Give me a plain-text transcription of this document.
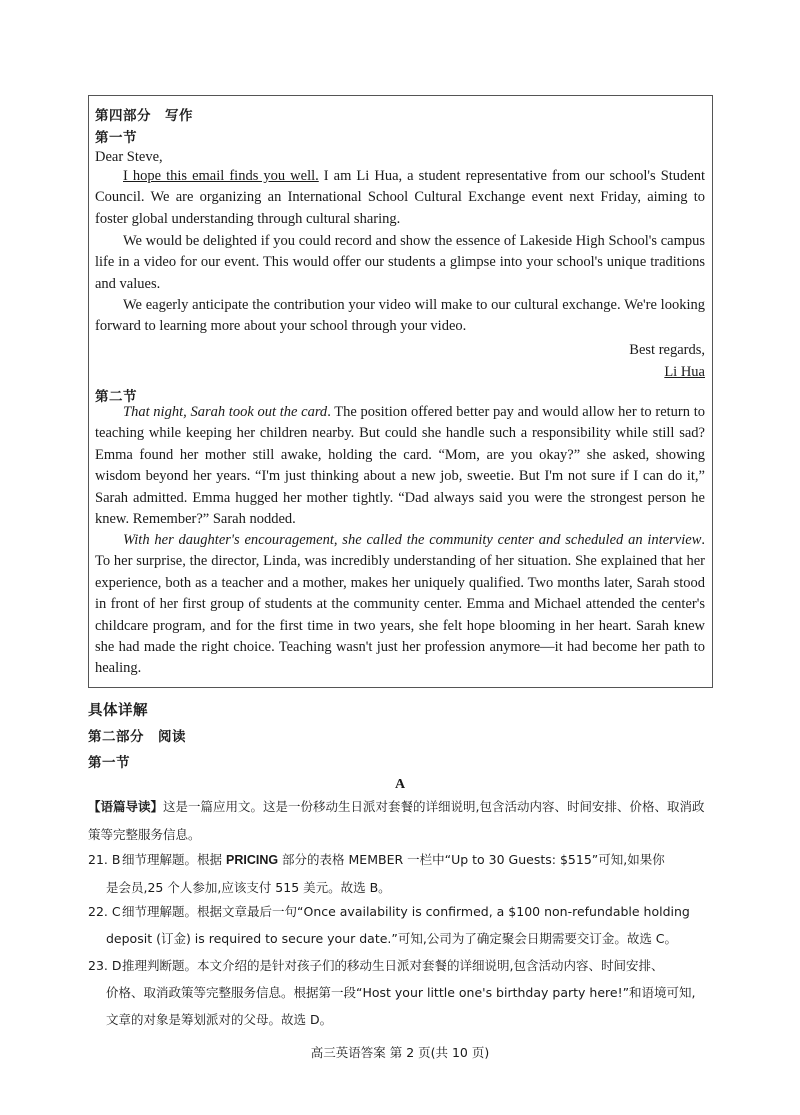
第四部分 写作
第一节
Dear Steve,

I hope this email finds you well. I am Li Hua, a student representative from our school's Student Council. We are organizing an International School Cultural Exchange event next Friday, aiming to foster global understanding through cultural sharing.

We would be delighted if you could record and show the essence of Lakeside High School's campus life in a video for our event. This would offer our students a glimpse into your school's unique traditions and values.

We eagerly anticipate the contribution your video will make to our cultural exchange. We're looking forward to learning more about your school through your video.

Best regards,
Li Hua
第二节

That night, Sarah took out the card. The position offered better pay and would allow her to return to teaching while keeping her children nearby. But could she handle such a responsibility while still sad? Emma found her mother still awake, holding the card. “Mom, are you okay?” she asked, showing wisdom beyond her years. “I'm just thinking about a new job, sweetie. But I'm not sure if I can do it,” Sarah admitted. Emma hugged her mother tightly. “Dad always said you were the strongest person he knew. Remember?” Sarah nodded.

With her daughter's encouragement, she called the community center and scheduled an interview. To her surprise, the director, Linda, was incredibly understanding of her situation. She explained that her experience, both as a teacher and a mother, makes her uniquely qualified. Two months later, Sarah stood in front of her first group of students at the community center. Emma and Michael attended the center's childcare program, and for the first time in two years, she felt hope blooming in her heart. Sarah knew she had made the right choice. Teaching wasn't just her profession anymore—it had become her path to healing.

具体详解
第二部分 阅读
第一节
A

【语篇导读】这是一篇应用文。这是一份移动生日派对套餐的详细说明,包含活动内容、时间安排、价格、取消政策等完整服务信息。

21. B 细节理解题。根据 PRICING 部分的表格 MEMBER 一栏中“Up to 30 Guests: $515”可知,如果你
是会员,25 个人参加,应该支付 515 美元。故选 B。
22. C细节理解题。根据文章最后一句“Once availability is confirmed, a $100 non-refundable holding
deposit (订金) is required to secure your date.”可知,公司为了确定聚会日期需要交订金。故选 C。
23. D推理判断题。本文介绍的是针对孩子们的移动生日派对套餐的详细说明,包含活动内容、时间安排、
价格、取消政策等完整服务信息。根据第一段“Host your little one's birthday party here!”和语境可知,
文章的对象是筹划派对的父母。故选 D。
高三英语答案 第 2 页(共 10 页)
